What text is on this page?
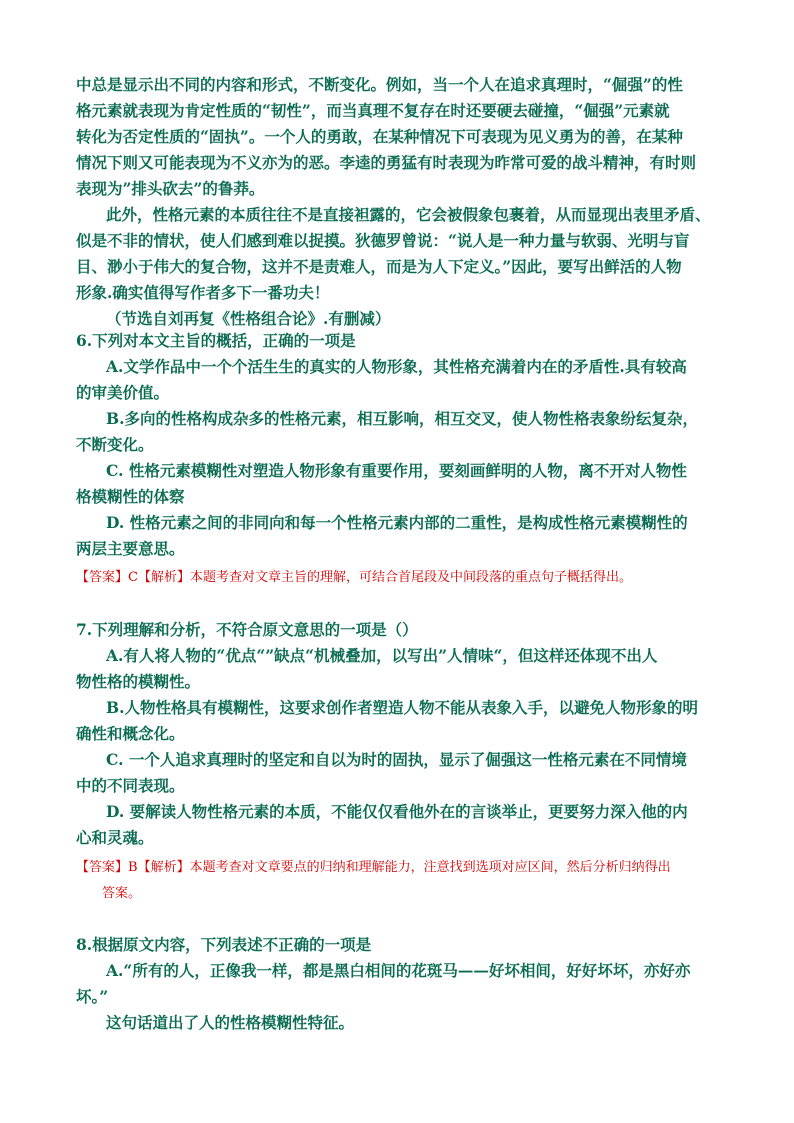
中总是显示出不同的内容和形式，不断变化。例如，当一个人在追求真理时，“倔强”的性
格元素就表现为肯定性质的“韧性”，而当真理不复存在时还要硬去碰撞，“倔强”元素就
转化为否定性质的“固执”。一个人的勇敢，在某种情况下可表现为见义勇为的善，在某种
情况下则又可能表现为不义亦为的恶。李逵的勇猛有时表现为昨常可爱的战斗精神，有时则
表现为”排头砍去”的鲁莽。
此外，性格元素的本质往往不是直接袒露的，它会被假象包裹着，从而显现出表里矛盾、
似是不非的情状，使人们感到难以捉摸。狄德罗曾说：“说人是一种力量与软弱、光明与盲
目、渺小于伟大的复合物，这并不是责难人，而是为人下定义。”因此，要写出鲜活的人物
形象.确实值得写作者多下一番功夫！
（节选自刘再复《性格组合论》.有删减）
6.下列对本文主旨的概括，正确的一项是
A.文学作品中一个个活生生的真实的人物形象，其性格充满着内在的矛盾性.具有较高
的审美价值。
B.多向的性格构成杂多的性格元素，相互影响，相互交叉，使人物性格表象纷纭复杂，
不断变化。
C. 性格元素模糊性对塑造人物形象有重要作用，要刻画鲜明的人物，离不开对人物性
格模糊性的体察
D. 性格元素之间的非同向和每一个性格元素内部的二重性，是构成性格元素模糊性的
两层主要意思。
【答案】C【解析】本题考查对文章主旨的理解，可结合首尾段及中间段落的重点句子概括得出。
7.下列理解和分析，不符合原文意思的一项是（）
A.有人将人物的“优点“”缺点“机械叠加，以写出”人情味“，但这样还体现不出人
物性格的模糊性。
B.人物性格具有模糊性，这要求创作者塑造人物不能从表象入手，以避免人物形象的明
确性和概念化。
C. 一个人追求真理时的坚定和自以为时的固执，显示了倔强这一性格元素在不同情境
中的不同表现。
D. 要解读人物性格元素的本质，不能仅仅看他外在的言谈举止，更要努力深入他的内
心和灵魂。
【答案】B【解析】本题考查对文章要点的归纳和理解能力，注意找到选项对应区间，然后分析归纳得出
答案。
8.根据原文内容，下列表述不正确的一项是
A.“所有的人，正像我一样，都是黑白相间的花斑马——好坏相间，好好坏坏，亦好亦
坏。”
这句话道出了人的性格模糊性特征。
